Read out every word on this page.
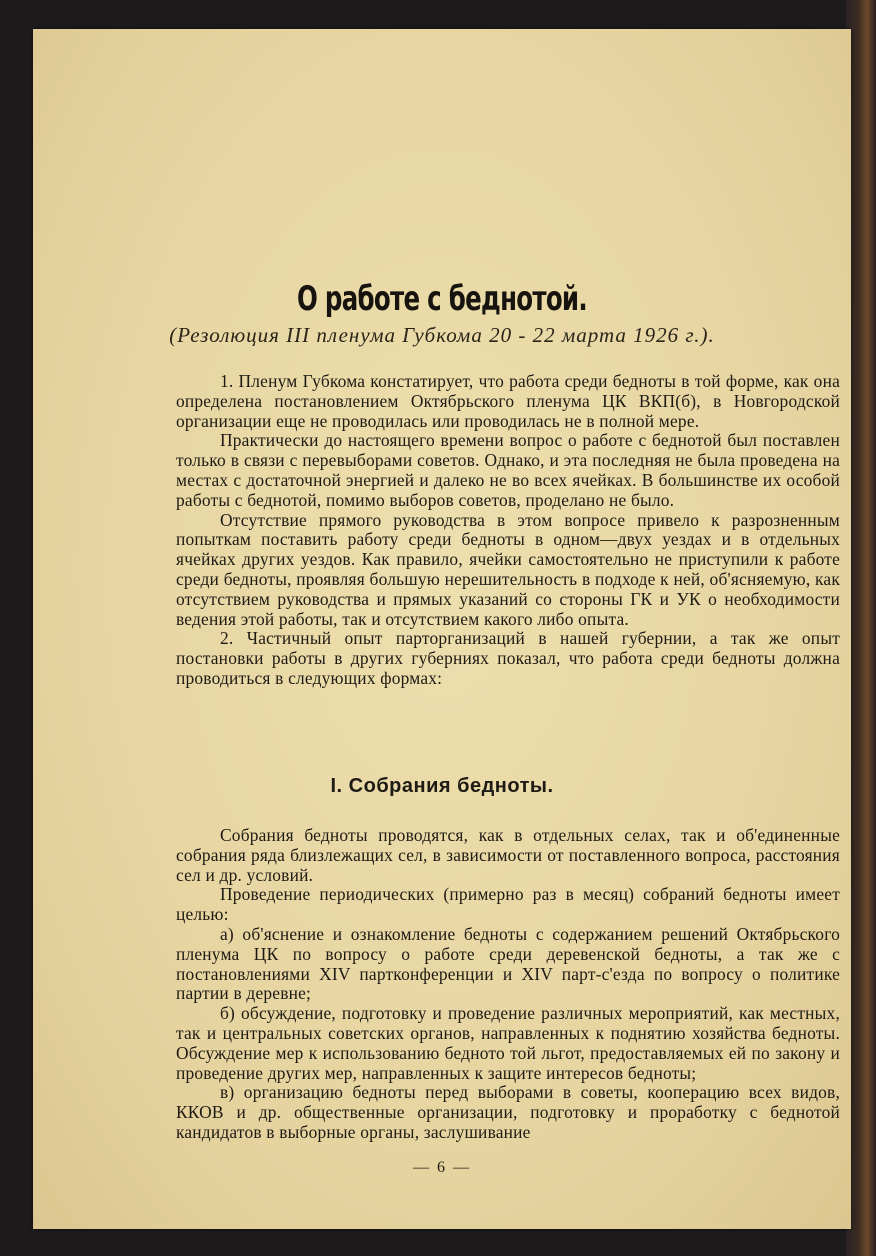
О работе с беднотой.
(Резолюция III пленума Губкома 20 - 22 марта 1926 г.).

1. Пленум Губкома констатирует, что работа среди бедноты в той форме, как она определена постановлением Октябрьского пленума ЦК ВКП(б), в Новгородской организации еще не проводилась или проводилась не в полной мере.

Практически до настоящего времени вопрос о работе с беднотой был поставлен только в связи с перевыборами советов. Однако, и эта последняя не была проведена на местах с достаточной энергией и далеко не во всех ячейках. В большинстве их особой работы с беднотой, помимо выборов советов, проделано не было.

Отсутствие прямого руководства в этом вопросе привело к разрозненным попыткам поставить работу среди бедноты в одном—двух уездах и в отдельных ячейках других уездов. Как правило, ячейки самостоятельно не приступили к работе среди бедноты, проявляя большую нерешительность в подходе к ней, об'ясняемую, как отсутствием руководства и прямых указаний со стороны ГК и УК о необходимости ведения этой работы, так и отсутствием какого либо опыта.

2. Частичный опыт парторганизаций в нашей губернии, а так же опыт постановки работы в других губерниях показал, что работа среди бедноты должна проводиться в следующих формах:

I. Собрания бедноты.

Собрания бедноты проводятся, как в отдельных селах, так и об'единенные собрания ряда близлежащих сел, в зависимости от поставленного вопроса, расстояния сел и др. условий.

Проведение периодических (примерно раз в месяц) собраний бедноты имеет целью:

а) об'яснение и ознакомление бедноты с содержанием решений Октябрьского пленума ЦК по вопросу о работе среди деревенской бедноты, а так же с постановлениями XIV партконференции и XIV парт-с'езда по вопросу о политике партии в деревне;

б) обсуждение, подготовку и проведение различных мероприятий, как местных, так и центральных советских органов, направленных к поднятию хозяйства бедноты. Обсуждение мер к использованию бедното той льгот, предоставляемых ей по закону и проведение других мер, направленных к защите интересов бедноты;

в) организацию бедноты перед выборами в советы, кооперацию всех видов, ККОВ и др. общественные организации, подготовку и проработку с беднотой кандидатов в выборные органы, заслушивание

— 6 —
